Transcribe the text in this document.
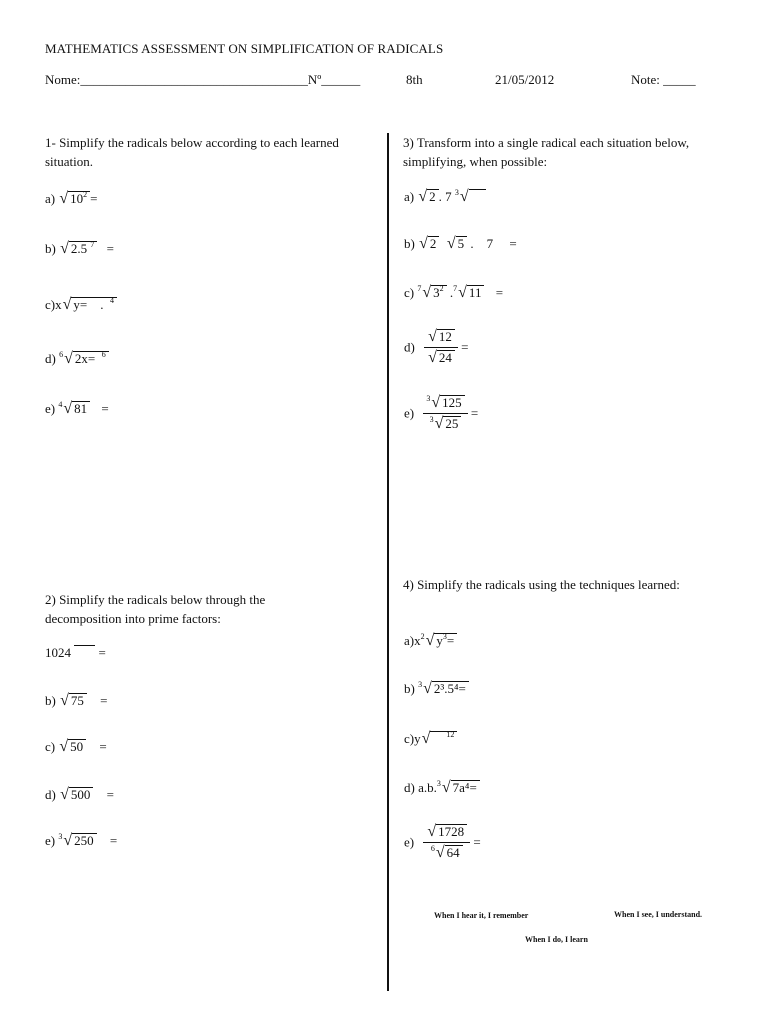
MATHEMATICS ASSESSMENT ON SIMPLIFICATION OF RADICALS
Nome:___________________________________Nº______	8th	21/05/2012	Note: _____
1- Simplify the radicals below according to each learned situation.
a) √ $10^2$ =
b) √ 2.5 $^7$ =
c)x√ y=    .  $^4$
d) $^6$√ 2x= $^6$
e) $^4$√ 81 =
2) Simplify the radicals below through the decomposition into prime factors:
1024 =
b) √ 75 =
c) √ 50 =
d) √ 500 =
e) $^3$√ 250 =
3) Transform into a single radical each situation below, simplifying, when possible:
a) √ 2 . 7 $^3$√
b) √ 2 √ 5 .    7     =
c) $^7$√ $3^2$ .$^7$√ 11 =
$d) \frac{√ 12}{√ 24}$ =
$e) \frac{^3√ 125}{^3√ 25}$ =
4) Simplify the radicals using the techniques learned:
$a)x^2√$ $y^3=$
b) $^3$√ 2³.5⁴=
c)y√ $^{12}$
d) a.b.$^3$√ 7a⁴=
$e) \frac{√ 1728}{^6√ 64}$ =
When I hear it, I remember	When I see, I understand.
When I do, I learn
